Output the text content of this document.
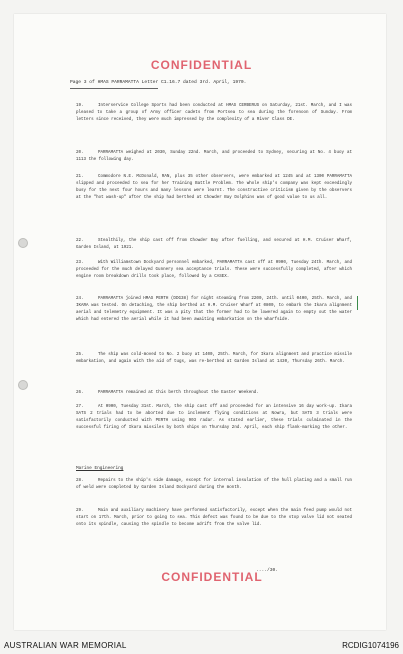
CONFIDENTIAL
Page 3 of HMAS PARRAMATTA Letter C1.16.7 dated 3rd. April, 1970.
19.	Interservice College Sports had been conducted at HMAS CERBERUS on Saturday, 21st. March, and I was pleased to take a group of Army officer cadets from Portsea to sea during the forenoon of Sunday. From letters since received, they were much impressed by the complexity of a River Class DE.
20.	PARRAMATTA weighed at 2030, Sunday 22nd. March, and proceeded to Sydney, securing at No. 4 buoy at 1113 the following day.
21.	Commodore N.E. McDonald, RAN, plus 35 other observers, were embarked at 1245 and at 1300 PARRAMATTA slipped and proceeded to sea for her Training Battle Problem. The whole ship's company was kept exceedingly busy for the next four hours and many lessons were learnt. The constructive criticism given by the observers at the "hot wash-up" after the ship had berthed at Chowder Bay Dolphins was of good value to us all.
22.	Stealthily, the ship cast off from Chowder Bay after fuelling, and secured at H.M. Cruiser Wharf, Garden Island, at 1921.
23.	With Williamstown Dockyard personnel embarked, PARRAMATTA cast off at 0900, Tuesday 24th. March, and proceeded for the much delayed Gunnery sea acceptance trials. These were successfully completed, after which engine room breakdown drills took place, followed by a CASEX.
24.	PARRAMATTA joined HMAS PERTH (DDG38) for night steaming from 2200, 24th. until 0400, 25th. March, and IKARA was tested. On detaching, the ship berthed at H.M. Cruiser Wharf at 0800, to embark the Ikara alignment aerial and telemetry equipment. It was a pity that the former had to be lowered again to empty out the water which had entered the aerial while it had been awaiting embarkation on the wharfside.
25.	The ship was cold-moved to No. 2 buoy at 1400, 25th. March, for Ikara alignment and practice missile embarkation, and again with the aid of tugs, was re-berthed at Garden Island at 1430, Thursday 26th. March.
26.	PARRAMATTA remained at this berth throughout the Easter Weekend.
27.	At 0900, Tuesday 31st. March, the ship cast off and proceeded for an intensive 16 day work-up. Ikara SATS 2 trials had to be aborted due to inclement flying conditions at Nowra, but SATS 3 trials were satisfactorily conducted with PERTH using 903 radar. As stated earlier, these trials culminated in the successful firing of Ikara missiles by both ships on Thursday 2nd. April, each ship flank-marking the other.
Marine Engineering
28.	Repairs to the ship's side damage, except for internal insulation of the hull plating and a small run of weld were completed by Garden Island Dockyard during the month.
29.	Main and auxiliary machinery have performed satisfactorily, except when the main feed pump would not start on 17th. March, prior to going to sea. This defect was found to be due to the stop valve lid not seated onto its spindle, causing the spindle to become adrift from the valve lid.
CONFIDENTIAL
..../30.
AUSTRALIAN WAR MEMORIAL	RCDIG1074196
